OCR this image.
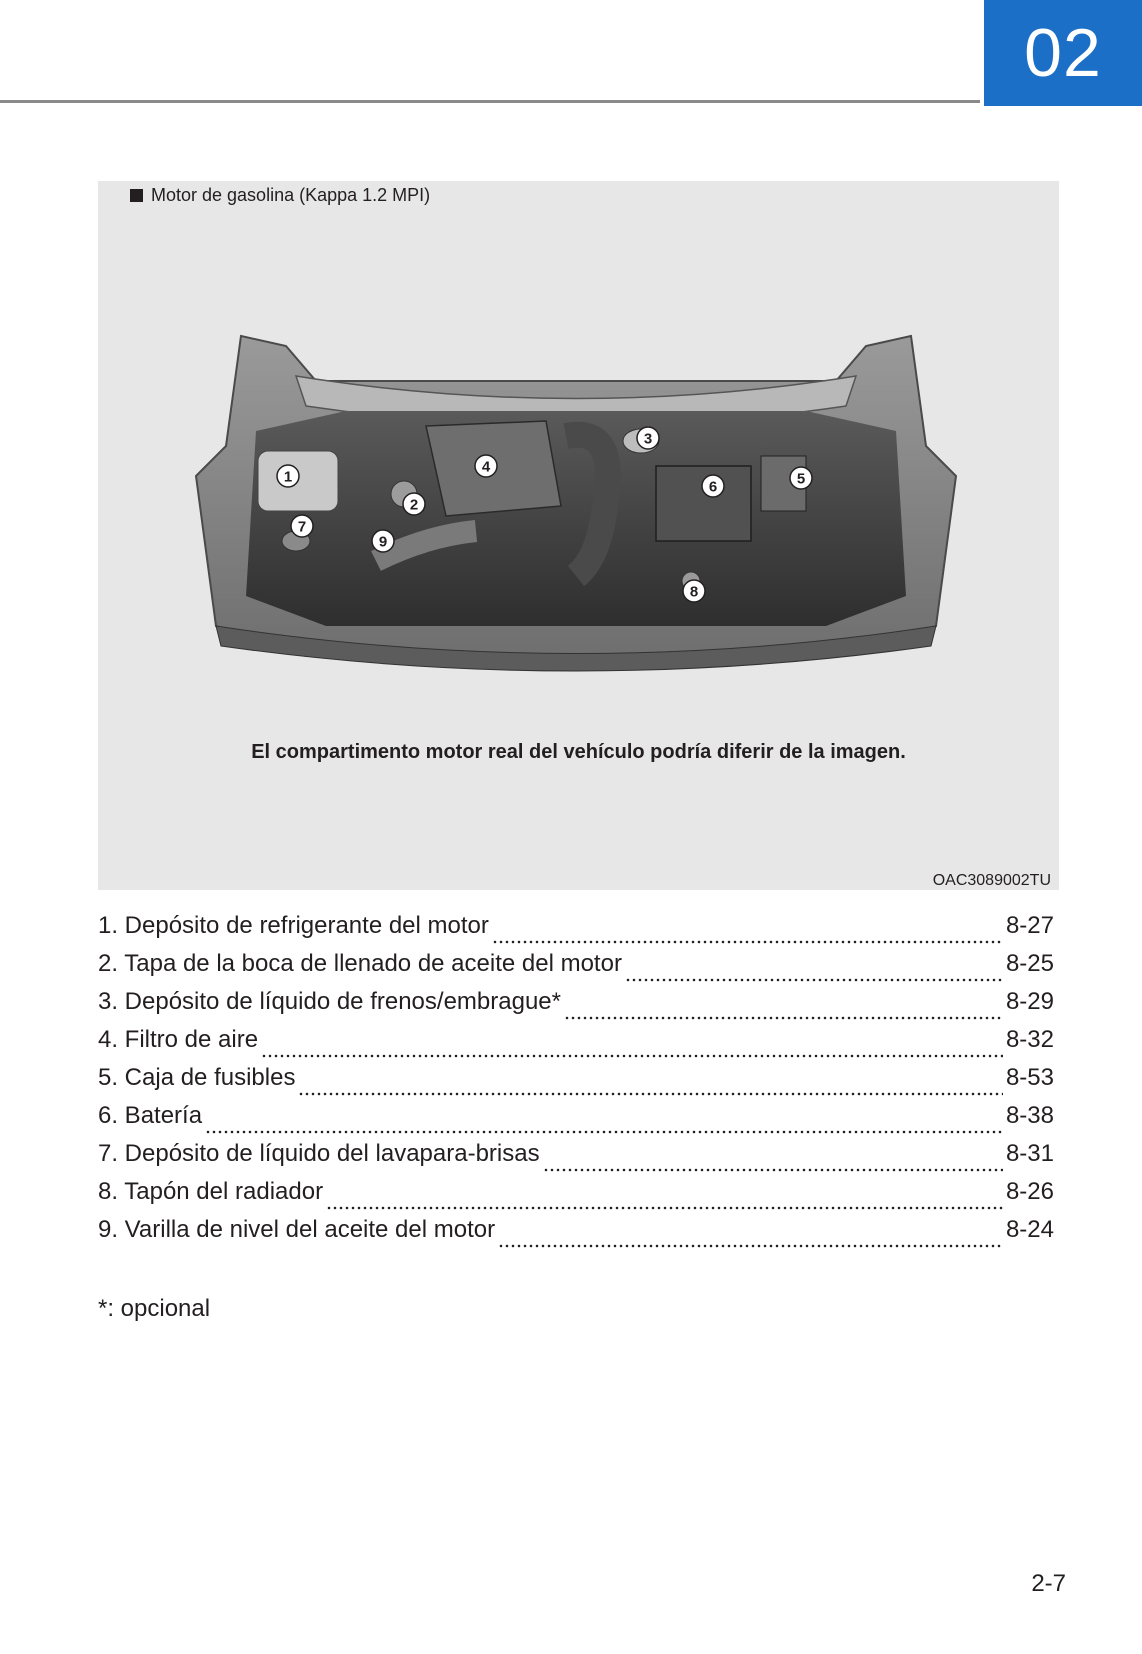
02
Motor de gasolina (Kappa 1.2 MPI)
1
2
3
4
5
6
7
8
9
El compartimento motor real del vehículo podría diferir de la imagen.
OAC3089002TU
1. Depósito de refrigerante del motor	8-27
2. Tapa de la boca de llenado de aceite del motor	8-25
3. Depósito de líquido de frenos/embrague*	8-29
4. Filtro de aire	8-32
5. Caja de fusibles	8-53
6. Batería	8-38
7. Depósito de líquido del lavapara-brisas	8-31
8. Tapón del radiador	8-26
9. Varilla de nivel del aceite del motor	8-24
*: opcional
2-7
